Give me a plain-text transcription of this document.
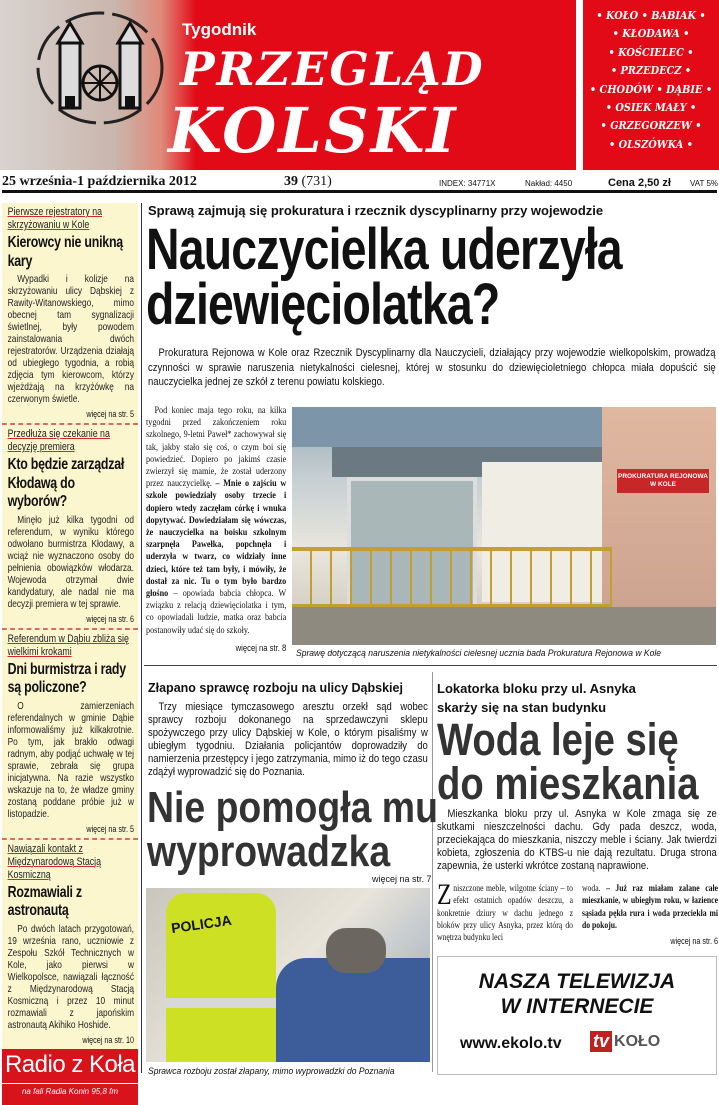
Tygodnik
PRZEGLĄD
KOLSKI
• KOŁO • BABIAK •
• KŁODAWA •
• KOŚCIELEC •
• PRZEDECZ •
• CHODÓW • DĄBIE •
• OSIEK MAŁY •
• GRZEGORZEW •
• OLSZÓWKA •
25 września-1 października 2012	39 (731)	INDEX: 34771X	Nakład: 4450	Cena 2,50 zł VAT 5%
Pierwsze rejestratory na skrzyżowaniu w Kole
Kierowcy nie unikną kary
Wypadki i kolizje na skrzyżowaniu ulicy Dąbskiej z Rawity-Witanowskiego, mimo obecnej tam sygnalizacji świetlnej, były powodem zainstalowania dwóch rejestratorów. Urządzenia działają od ubiegłego tygodnia, a robią zdjęcia tym kierowcom, którzy wjeżdżają na krzyżówkę na czerwonym świetle.
więcej na str. 5
Przedłuża się czekanie na decyzję premiera
Kto będzie zarządzał Kłodawą do wyborów?
Minęło już kilka tygodni od referendum, w wyniku którego odwołano burmistrza Kłodawy, a wciąż nie wyznaczono osoby do pełnienia obowiązków włodarza. Wojewoda otrzymał dwie kandydatury, ale nadal nie ma decyzji premiera w tej sprawie.
więcej na str. 6
Referendum w Dąbiu zbliża się wielkimi krokami
Dni burmistrza i rady są policzone?
O zamierzeniach referendalnych w gminie Dąbie informowaliśmy już kilkakrotnie. Po tym, jak brakło odwagi radnym, aby podjąć uchwałę w tej sprawie, zebrała się grupa inicjatywna. Na razie wszystko wskazuje na to, że władze gminy zostaną poddane próbie już w listopadzie.
więcej na str. 5
Nawiązali kontakt z Międzynarodową Stacją Kosmiczną
Rozmawiali z astronautą
Po dwóch latach przygotowań, 19 września rano, uczniowie z Zespołu Szkół Technicznych w Kole, jako pierwsi w Wielkopolsce, nawiązali łączność z Międzynarodową Stacją Kosmiczną i przez 10 minut rozmawiali z japońskim astronautą Akihiko Hoshide.
więcej na str. 10
Radio z Koła
na fali Radia Konin 95,8 fm
Sprawą zajmują się prokuratura i rzecznik dyscyplinarny przy wojewodzie
Nauczycielka uderzyła
dziewięciolatka?
Prokuratura Rejonowa w Kole oraz Rzecznik Dyscyplinarny dla Nauczycieli, działający przy wojewodzie wielkopolskim, prowadzą czynności w sprawie naruszenia nietykalności cielesnej, której w stosunku do dziewięcioletniego chłopca miała dopuścić się nauczycielka jednej ze szkół z terenu powiatu kolskiego.
Pod koniec maja tego roku, na kilka tygodni przed zakończeniem roku szkolnego, 9-letni Paweł* zachowywał się tak, jakby stało się coś, o czym boi się powiedzieć. Dopiero po jakimś czasie zwierzył się mamie, że został uderzony przez nauczycielkę. – Mnie o zajściu w szkole powiedziały osoby trzecie i dopiero wtedy zaczęłam córkę i wnuka dopytywać. Dowiedziałam się wówczas, że nauczycielka na boisku szkolnym szarpnęła Pawełka, popchnęła i uderzyła w twarz, co widziały inne dzieci, które też tam były, i mówiły, że dostał za nic. Tu o tym było bardzo głośno – opowiada babcia chłopca. W związku z relacją dziewięciolatka i tym, co opowiadali ludzie, matka oraz babcia postanowiły udać się do szkoły.
więcej na str. 8
PROKURATURA REJONOWA W KOLE
Sprawę dotyczącą naruszenia nietykalności cielesnej ucznia bada Prokuratura Rejonowa w Kole
Złapano sprawcę rozboju na ulicy Dąbskiej
Trzy miesiące tymczasowego aresztu orzekł sąd wobec sprawcy rozboju dokonanego na sprzedawczyni sklepu spożywczego przy ulicy Dąbskiej w Kole, o którym pisaliśmy w ubiegłym tygodniu. Działania policjantów doprowadziły do namierzenia przestępcy i jego zatrzymania, mimo iż do tego czasu zdążył wyprowadzić się do Poznania.
Nie pomogła mu
wyprowadzka
więcej na str. 7
POLICJA
Sprawca rozboju został złapany, mimo wyprowadzki do Poznania
Lokatorka bloku przy ul. Asnyka
skarży się na stan budynku
Woda leje się
do mieszkania
Mieszkanka bloku przy ul. Asnyka w Kole zmaga się ze skutkami nieszczelności dachu. Gdy pada deszcz, woda, przeciekająca do mieszkania, niszczy meble i ściany. Jak twierdzi kobieta, zgłoszenia do KTBS-u nie dają rezultatu. Druga strona zapewnia, że usterki wkrótce zostaną naprawione.
Zniszczone meble, wilgotne ściany – to efekt ostatnich opadów deszczu, a konkretnie dziury w dachu jednego z bloków przy ulicy Asnyka, przez którą do wnętrza budynku leci
woda. – Już raz miałam zalane całe mieszkanie, w ubiegłym roku, w łazience sąsiada pękła rura i woda przeciekła mi do pokoju.
więcej na str. 6
NASZA TELEWIZJA
W INTERNECIE
www.ekolo.tv tv KOŁO
